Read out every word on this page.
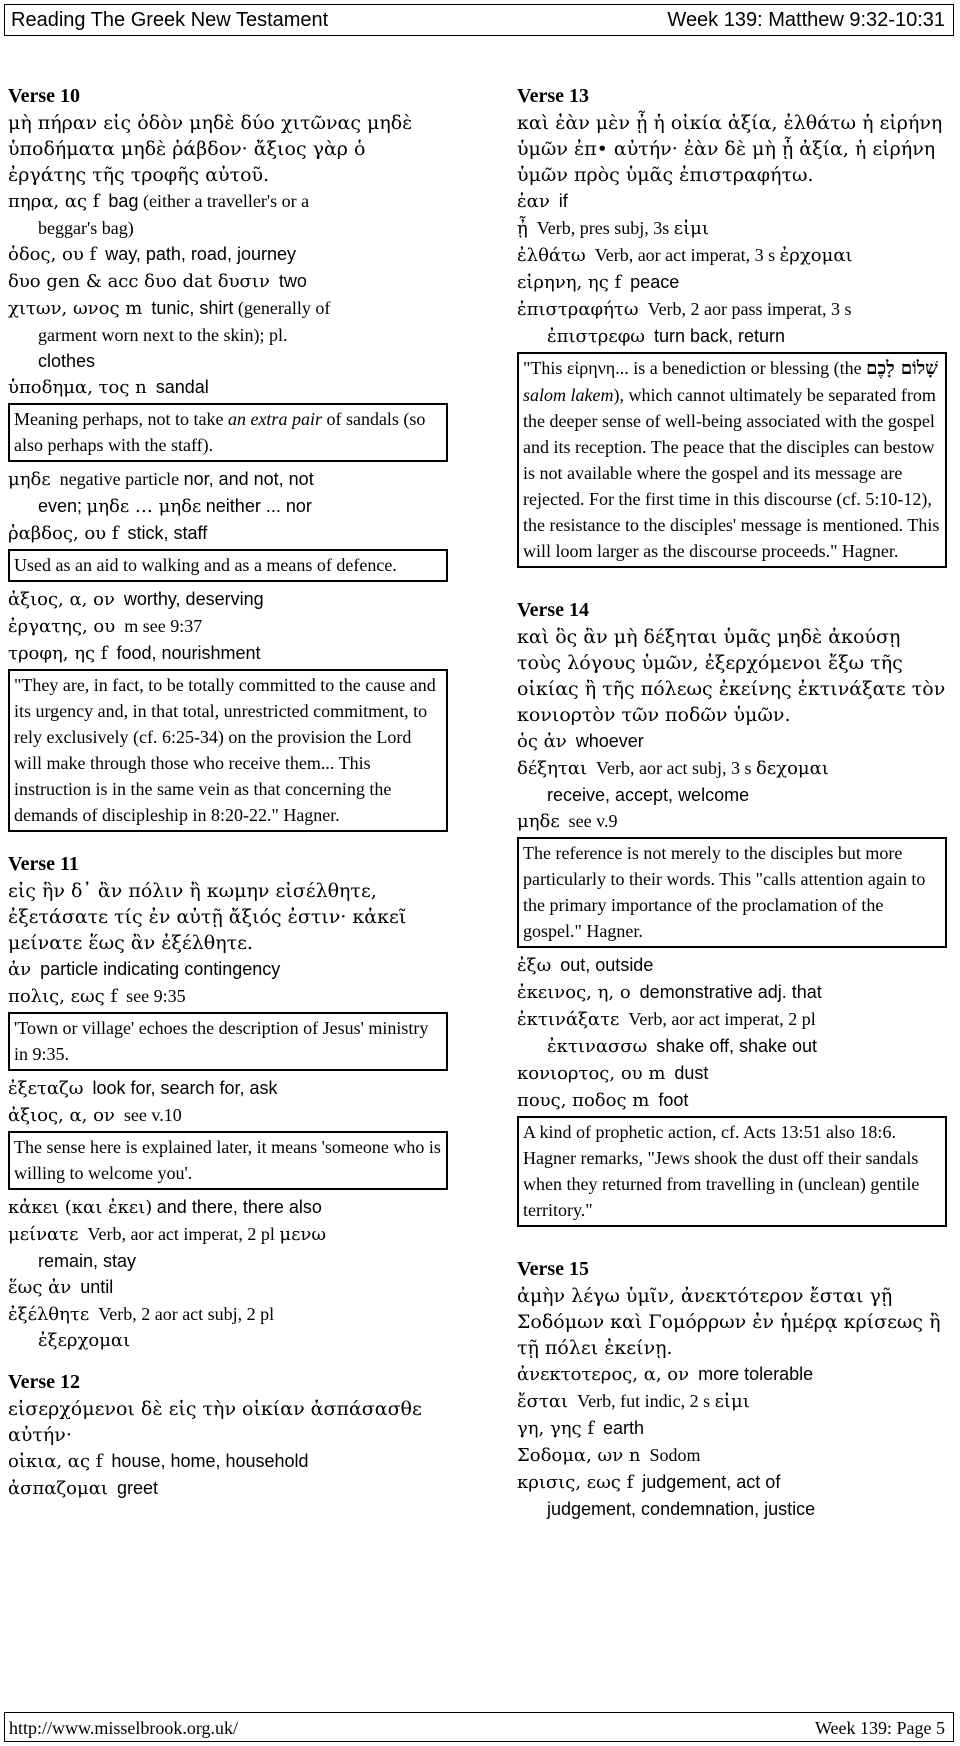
Reading The Greek New Testament	Week 139: Matthew 9:32-10:31
Verse 10

μὴ πήραν εἰς ὁδὸν μηδὲ δύο χιτῶνας μηδὲ ὑποδήματα μηδὲ ῥάβδον· ἄξιος γὰρ ὁ ἐργάτης τῆς τροφῆς αὐτοῦ.

πηρα, ας f bag (either a traveller's or a
beggar's bag)
ὁδος, ου f way, path, road, journey
δυο gen & acc δυο dat δυσιν two
χιτων, ωνος m tunic, shirt (generally of
garment worn next to the skin); pl.
clothes
ὑποδημα, τος n sandal
Meaning perhaps, not to take an extra pair of sandals (so also perhaps with the staff).
μηδε negative particle nor, and not, not
even; μηδε … μηδε neither ... nor
ῥαβδος, ου f stick, staff
Used as an aid to walking and as a means of defence.
ἀξιος, α, ον worthy, deserving
ἐργατης, ου m see 9:37
τροφη, ης f food, nourishment
"They are, in fact, to be totally committed to the cause and its urgency and, in that total, unrestricted commitment, to rely exclusively (cf. 6:25-34) on the provision the Lord will make through those who receive them... This instruction is in the same vein as that concerning the demands of discipleship in 8:20-22." Hagner.
Verse 11

εἰς ἣν δ᾽ ἂν πόλιν ἢ κωμην εἰσέλθητε, ἐξετάσατε τίς ἐν αὐτῇ ἄξιός ἐστιν· κἀκεῖ μείνατε ἕως ἂν ἐξέλθητε.

ἀν particle indicating contingency
πολις, εως f see 9:35
'Town or village' echoes the description of Jesus' ministry in 9:35.
ἐξεταζω look for, search for, ask
ἀξιος, α, ον see v.10
The sense here is explained later, it means 'someone who is willing to welcome you'.
κἀκει (και ἐκει) and there, there also
μείνατε Verb, aor act imperat, 2 pl μενω
remain, stay
ἕως ἀν until
ἐξέλθητε Verb, 2 aor act subj, 2 pl
ἐξερχομαι
Verse 12

εἰσερχόμενοι δὲ εἰς τὴν οἰκίαν ἀσπάσασθε αὐτήν·

οἰκια, ας f house, home, household
ἀσπαζομαι greet
Verse 13

καὶ ἐὰν μὲν ᾖ ἡ οἰκία ἀξία, ἐλθάτω ἡ εἰρήνη ὑμῶν ἐπ• αὐτήν· ἐὰν δὲ μὴ ᾖ ἀξία, ἡ εἰρήνη ὑμῶν πρὸς ὑμᾶς ἐπιστραφήτω.

ἐαν if
ᾖ Verb, pres subj, 3s εἰμι
ἐλθάτω Verb, aor act imperat, 3 s ἐρχομαι
εἰρηνη, ης f peace
ἐπιστραφήτω Verb, 2 aor pass imperat, 3 s
ἐπιστρεφω turn back, return
"This εἰρηνη... is a benediction or blessing (the שָׁלוֹם לָכֶם salom lakem), which cannot ultimately be separated from the deeper sense of well-being associated with the gospel and its reception. The peace that the disciples can bestow is not available where the gospel and its message are rejected. For the first time in this discourse (cf. 5:10-12), the resistance to the disciples' message is mentioned. This will loom larger as the discourse proceeds." Hagner.
Verse 14

καὶ ὃς ἂν μὴ δέξηται ὑμᾶς μηδὲ ἀκούσῃ τοὺς λόγους ὑμῶν, ἐξερχόμενοι ἔξω τῆς οἰκίας ἢ τῆς πόλεως ἐκείνης ἐκτινάξατε τὸν κονιορτὸν τῶν ποδῶν ὑμῶν.

ὁς ἀν whoever
δέξηται Verb, aor act subj, 3 s δεχομαι
receive, accept, welcome
μηδε see v.9
The reference is not merely to the disciples but more particularly to their words. This "calls attention again to the primary importance of the proclamation of the gospel." Hagner.
ἐξω out, outside
ἐκεινος, η, ο demonstrative adj. that
ἐκτινάξατε Verb, aor act imperat, 2 pl
ἐκτινασσω shake off, shake out
κονιορτος, ου m dust
πους, ποδος m foot
A kind of prophetic action, cf. Acts 13:51 also 18:6. Hagner remarks, "Jews shook the dust off their sandals when they returned from travelling in (unclean) gentile territory."
Verse 15

ἀμὴν λέγω ὑμῖν, ἀνεκτότερον ἔσται γῇ Σοδόμων καὶ Γομόρρων ἐν ἡμέρᾳ κρίσεως ἢ τῇ πόλει ἐκείνῃ.

ἀνεκτοτερος, α, ον more tolerable
ἔσται Verb, fut indic, 2 s εἰμι
γη, γης f earth
Σοδομα, ων n Sodom
κρισις, εως f judgement, act of
judgement, condemnation, justice
http://www.misselbrook.org.uk/	Week 139: Page 5
